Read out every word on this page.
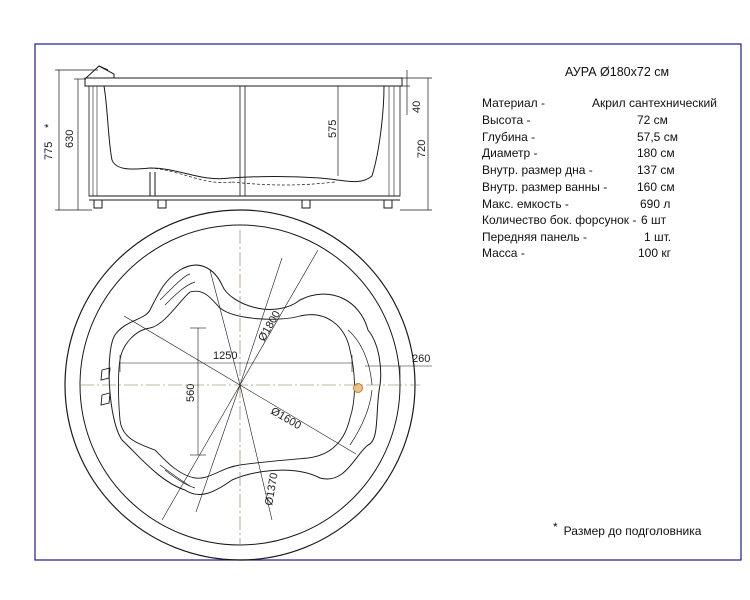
775
*
630
575
40
720
1250
560
Ø1800
Ø1600
Ø1370
260
АУРА Ø180х72 см
Материал -	Акрил сантехнический
Высота -	72 см
Глубина -	57,5 см
Диаметр -	180 см
Внутр. размер дна -	137 см
Внутр. размер ванны - 160 см
Макс. емкость -	690 л
Количество бок. форсунок - 6 шт
Передняя панель -	1 шт.
Масса -	100 кг
* Размер до подголовника
